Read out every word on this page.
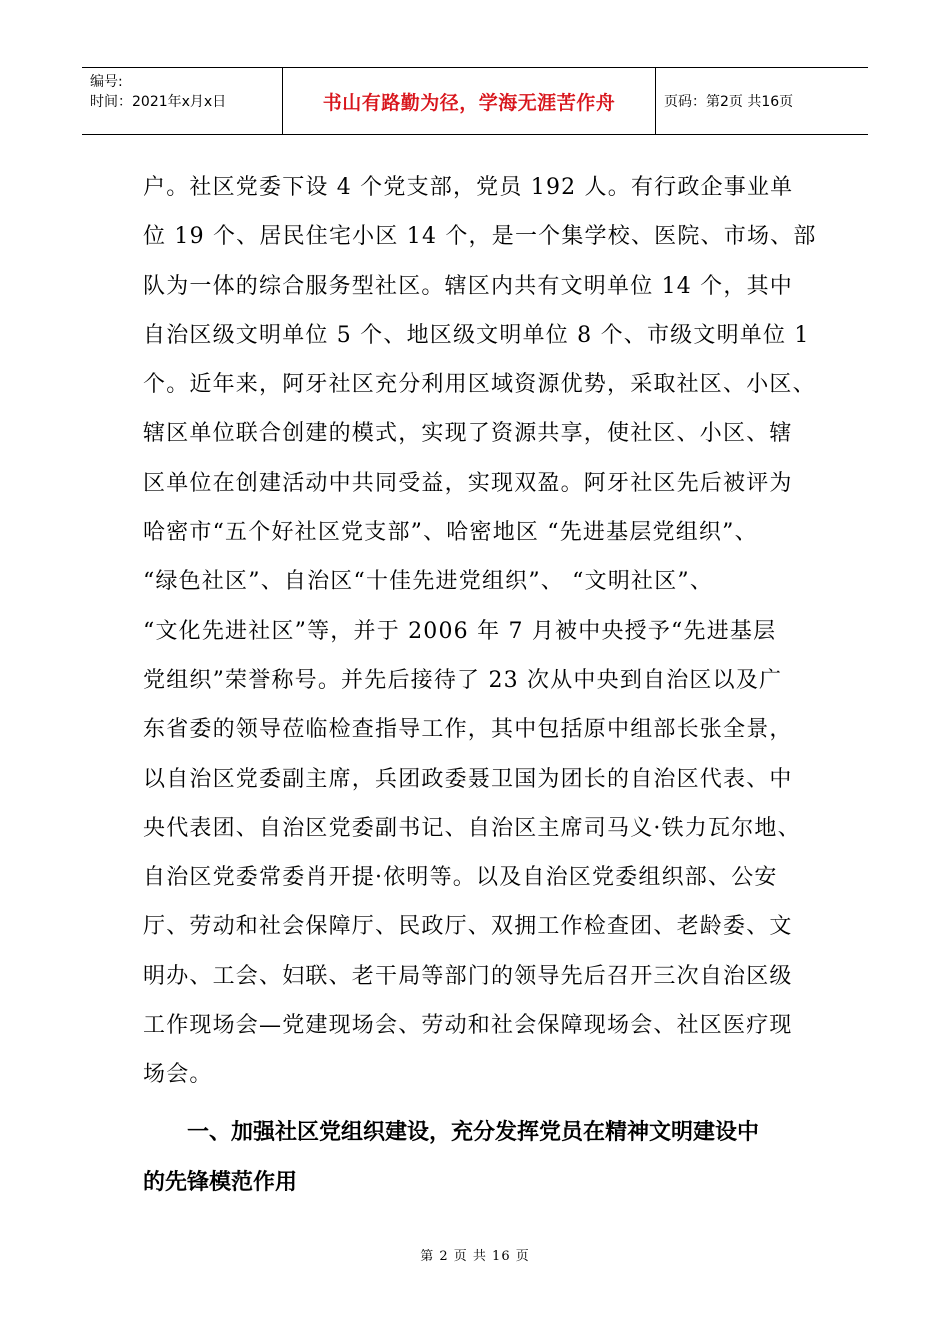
编号:
时间：2021年x月x日	书山有路勤为径，学海无涯苦作舟	页码：第2页 共16页
户。社区党委下设 4 个党支部，党员 192 人。有行政企事业单
位 19 个、居民住宅小区 14 个，是一个集学校、医院、市场、部
队为一体的综合服务型社区。辖区内共有文明单位 14 个，其中
自治区级文明单位 5 个、地区级文明单位 8 个、市级文明单位 1
个。近年来，阿牙社区充分利用区域资源优势，采取社区、小区、
辖区单位联合创建的模式，实现了资源共享，使社区、小区、辖
区单位在创建活动中共同受益，实现双盈。阿牙社区先后被评为
哈密市“五个好社区党支部”、哈密地区 “先进基层党组织”、
“绿色社区”、自治区“十佳先进党组织”、 “文明社区”、
“文化先进社区”等，并于 2006 年 7 月被中央授予“先进基层
党组织”荣誉称号。并先后接待了 23 次从中央到自治区以及广
东省委的领导莅临检查指导工作，其中包括原中组部长张全景，
以自治区党委副主席，兵团政委聂卫国为团长的自治区代表、中
央代表团、自治区党委副书记、自治区主席司马义·铁力瓦尔地、
自治区党委常委肖开提·依明等。以及自治区党委组织部、公安
厅、劳动和社会保障厅、民政厅、双拥工作检查团、老龄委、文
明办、工会、妇联、老干局等部门的领导先后召开三次自治区级
工作现场会—党建现场会、劳动和社会保障现场会、社区医疗现
场会。
一、加强社区党组织建设，充分发挥党员在精神文明建设中
的先锋模范作用
第 2 页 共 16 页
